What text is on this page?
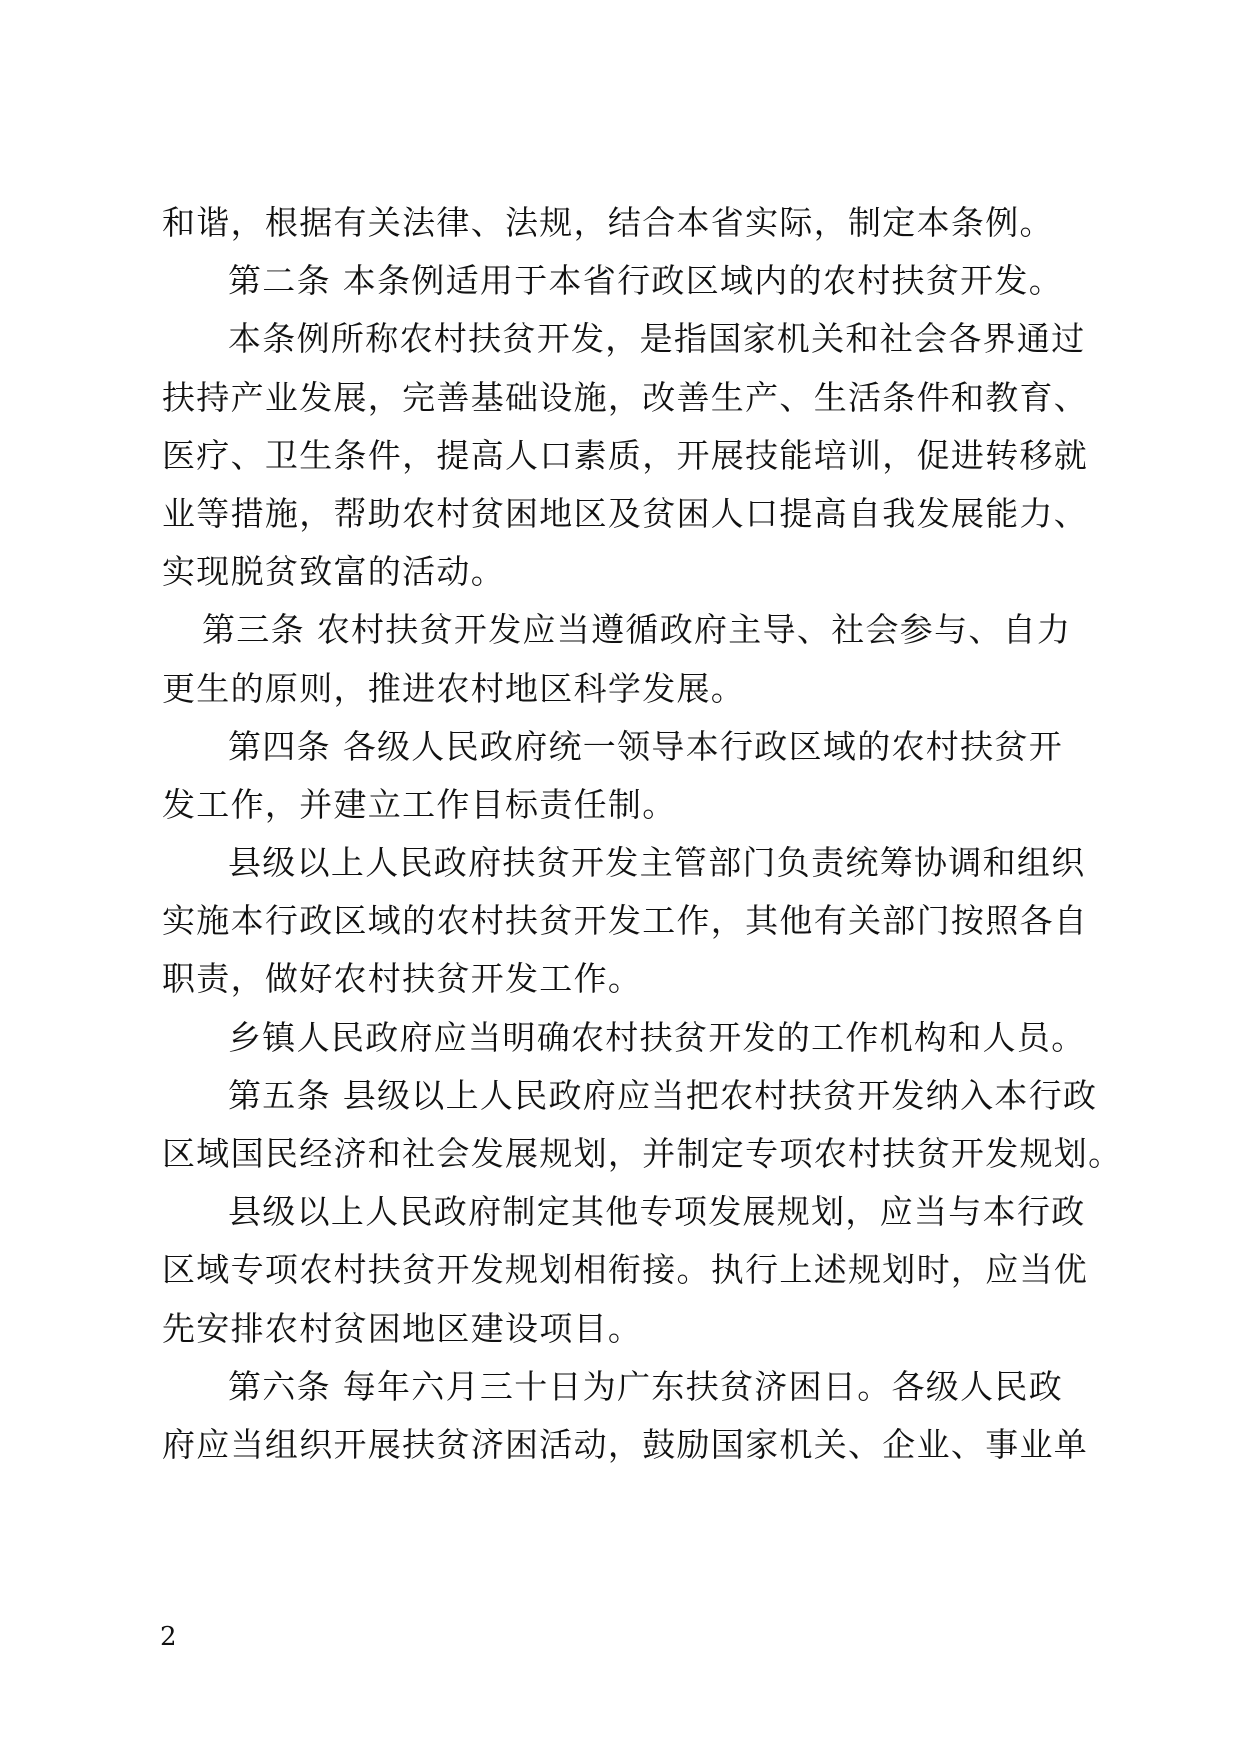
和谐，根据有关法律、法规，结合本省实际，制定本条例。
第二条 本条例适用于本省行政区域内的农村扶贫开发。
本条例所称农村扶贫开发，是指国家机关和社会各界通过
扶持产业发展，完善基础设施，改善生产、生活条件和教育、
医疗、卫生条件，提高人口素质，开展技能培训，促进转移就
业等措施，帮助农村贫困地区及贫困人口提高自我发展能力、
实现脱贫致富的活动。
第三条 农村扶贫开发应当遵循政府主导、社会参与、自力
更生的原则，推进农村地区科学发展。
第四条 各级人民政府统一领导本行政区域的农村扶贫开
发工作，并建立工作目标责任制。
县级以上人民政府扶贫开发主管部门负责统筹协调和组织
实施本行政区域的农村扶贫开发工作，其他有关部门按照各自
职责，做好农村扶贫开发工作。
乡镇人民政府应当明确农村扶贫开发的工作机构和人员。
第五条 县级以上人民政府应当把农村扶贫开发纳入本行政
区域国民经济和社会发展规划，并制定专项农村扶贫开发规划。
县级以上人民政府制定其他专项发展规划，应当与本行政
区域专项农村扶贫开发规划相衔接。执行上述规划时，应当优
先安排农村贫困地区建设项目。
第六条 每年六月三十日为广东扶贫济困日。各级人民政
府应当组织开展扶贫济困活动，鼓励国家机关、企业、事业单
2
